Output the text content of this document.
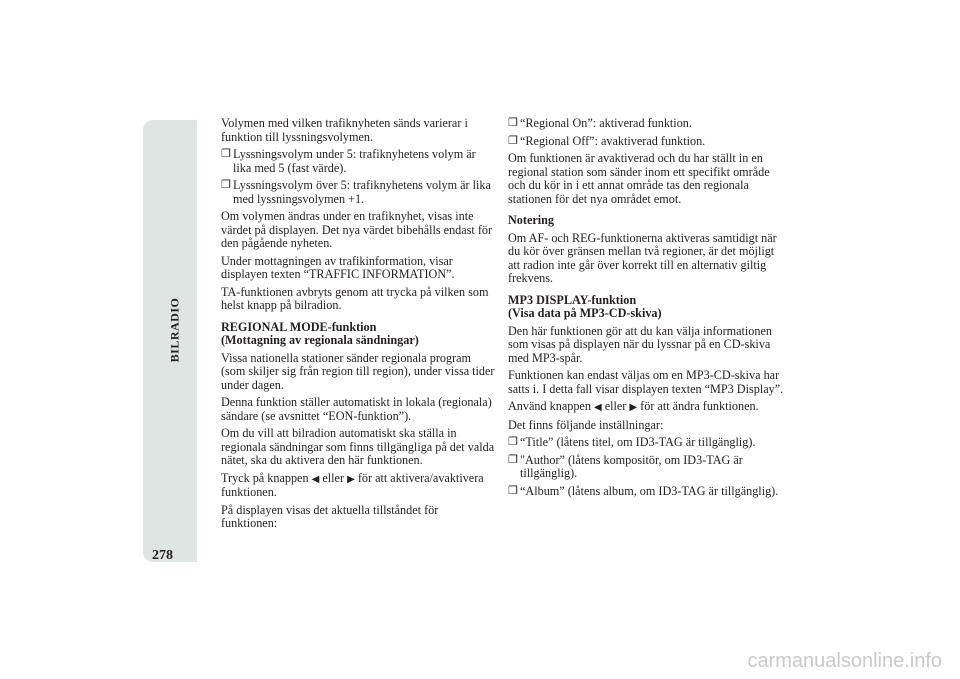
BILRADIO
278

Volymen med vilken trafiknyheten sänds varierar i funktion till lyssningsvolymen.

❐ Lyssningsvolym under 5: trafiknyhetens volym är lika med 5 (fast värde).
❐ Lyssningsvolym över 5: trafiknyhetens volym är lika med lyssningsvolymen +1.

Om volymen ändras under en trafiknyhet, visas inte värdet på displayen. Det nya värdet bibehålls endast för den pågående nyheten.

Under mottagningen av trafikinformation, visar displayen texten “TRAFFIC INFORMATION”.

TA-funktionen avbryts genom att trycka på vilken som helst knapp på bilradion.

REGIONAL MODE-funktion
(Mottagning av regionala sändningar)

Vissa nationella stationer sänder regionala program (som skiljer sig från region till region), under vissa tider under dagen.

Denna funktion ställer automatiskt in lokala (regionala) sändare (se avsnittet “EON-funktion”).

Om du vill att bilradion automatiskt ska ställa in regionala sändningar som finns tillgängliga på det valda nätet, ska du aktivera den här funktionen.

Tryck på knappen ◀ eller ▶ för att aktivera/avaktivera funktionen.

På displayen visas det aktuella tillståndet för funktionen:

❐ “Regional On”: aktiverad funktion.
❐ “Regional Off”: avaktiverad funktion.

Om funktionen är avaktiverad och du har ställt in en regional station som sänder inom ett specifikt område och du kör in i ett annat område tas den regionala stationen för det nya området emot.

Notering

Om AF- och REG-funktionerna aktiveras samtidigt när du kör över gränsen mellan två regioner, är det möjligt att radion inte går över korrekt till en alternativ giltig frekvens.

MP3 DISPLAY-funktion
(Visa data på MP3-CD-skiva)

Den här funktionen gör att du kan välja informationen som visas på displayen när du lyssnar på en CD-skiva med MP3-spår.

Funktionen kan endast väljas om en MP3-CD-skiva har satts i. I detta fall visar displayen texten “MP3 Display”.

Använd knappen ◀ eller ▶ för att ändra funktionen.

Det finns följande inställningar:

❐ “Title” (låtens titel, om ID3-TAG är tillgänglig).
❐ "Author” (låtens kompositör, om ID3-TAG är tillgänglig).
❐ “Album” (låtens album, om ID3-TAG är tillgänglig).
carmanualsonline.info
